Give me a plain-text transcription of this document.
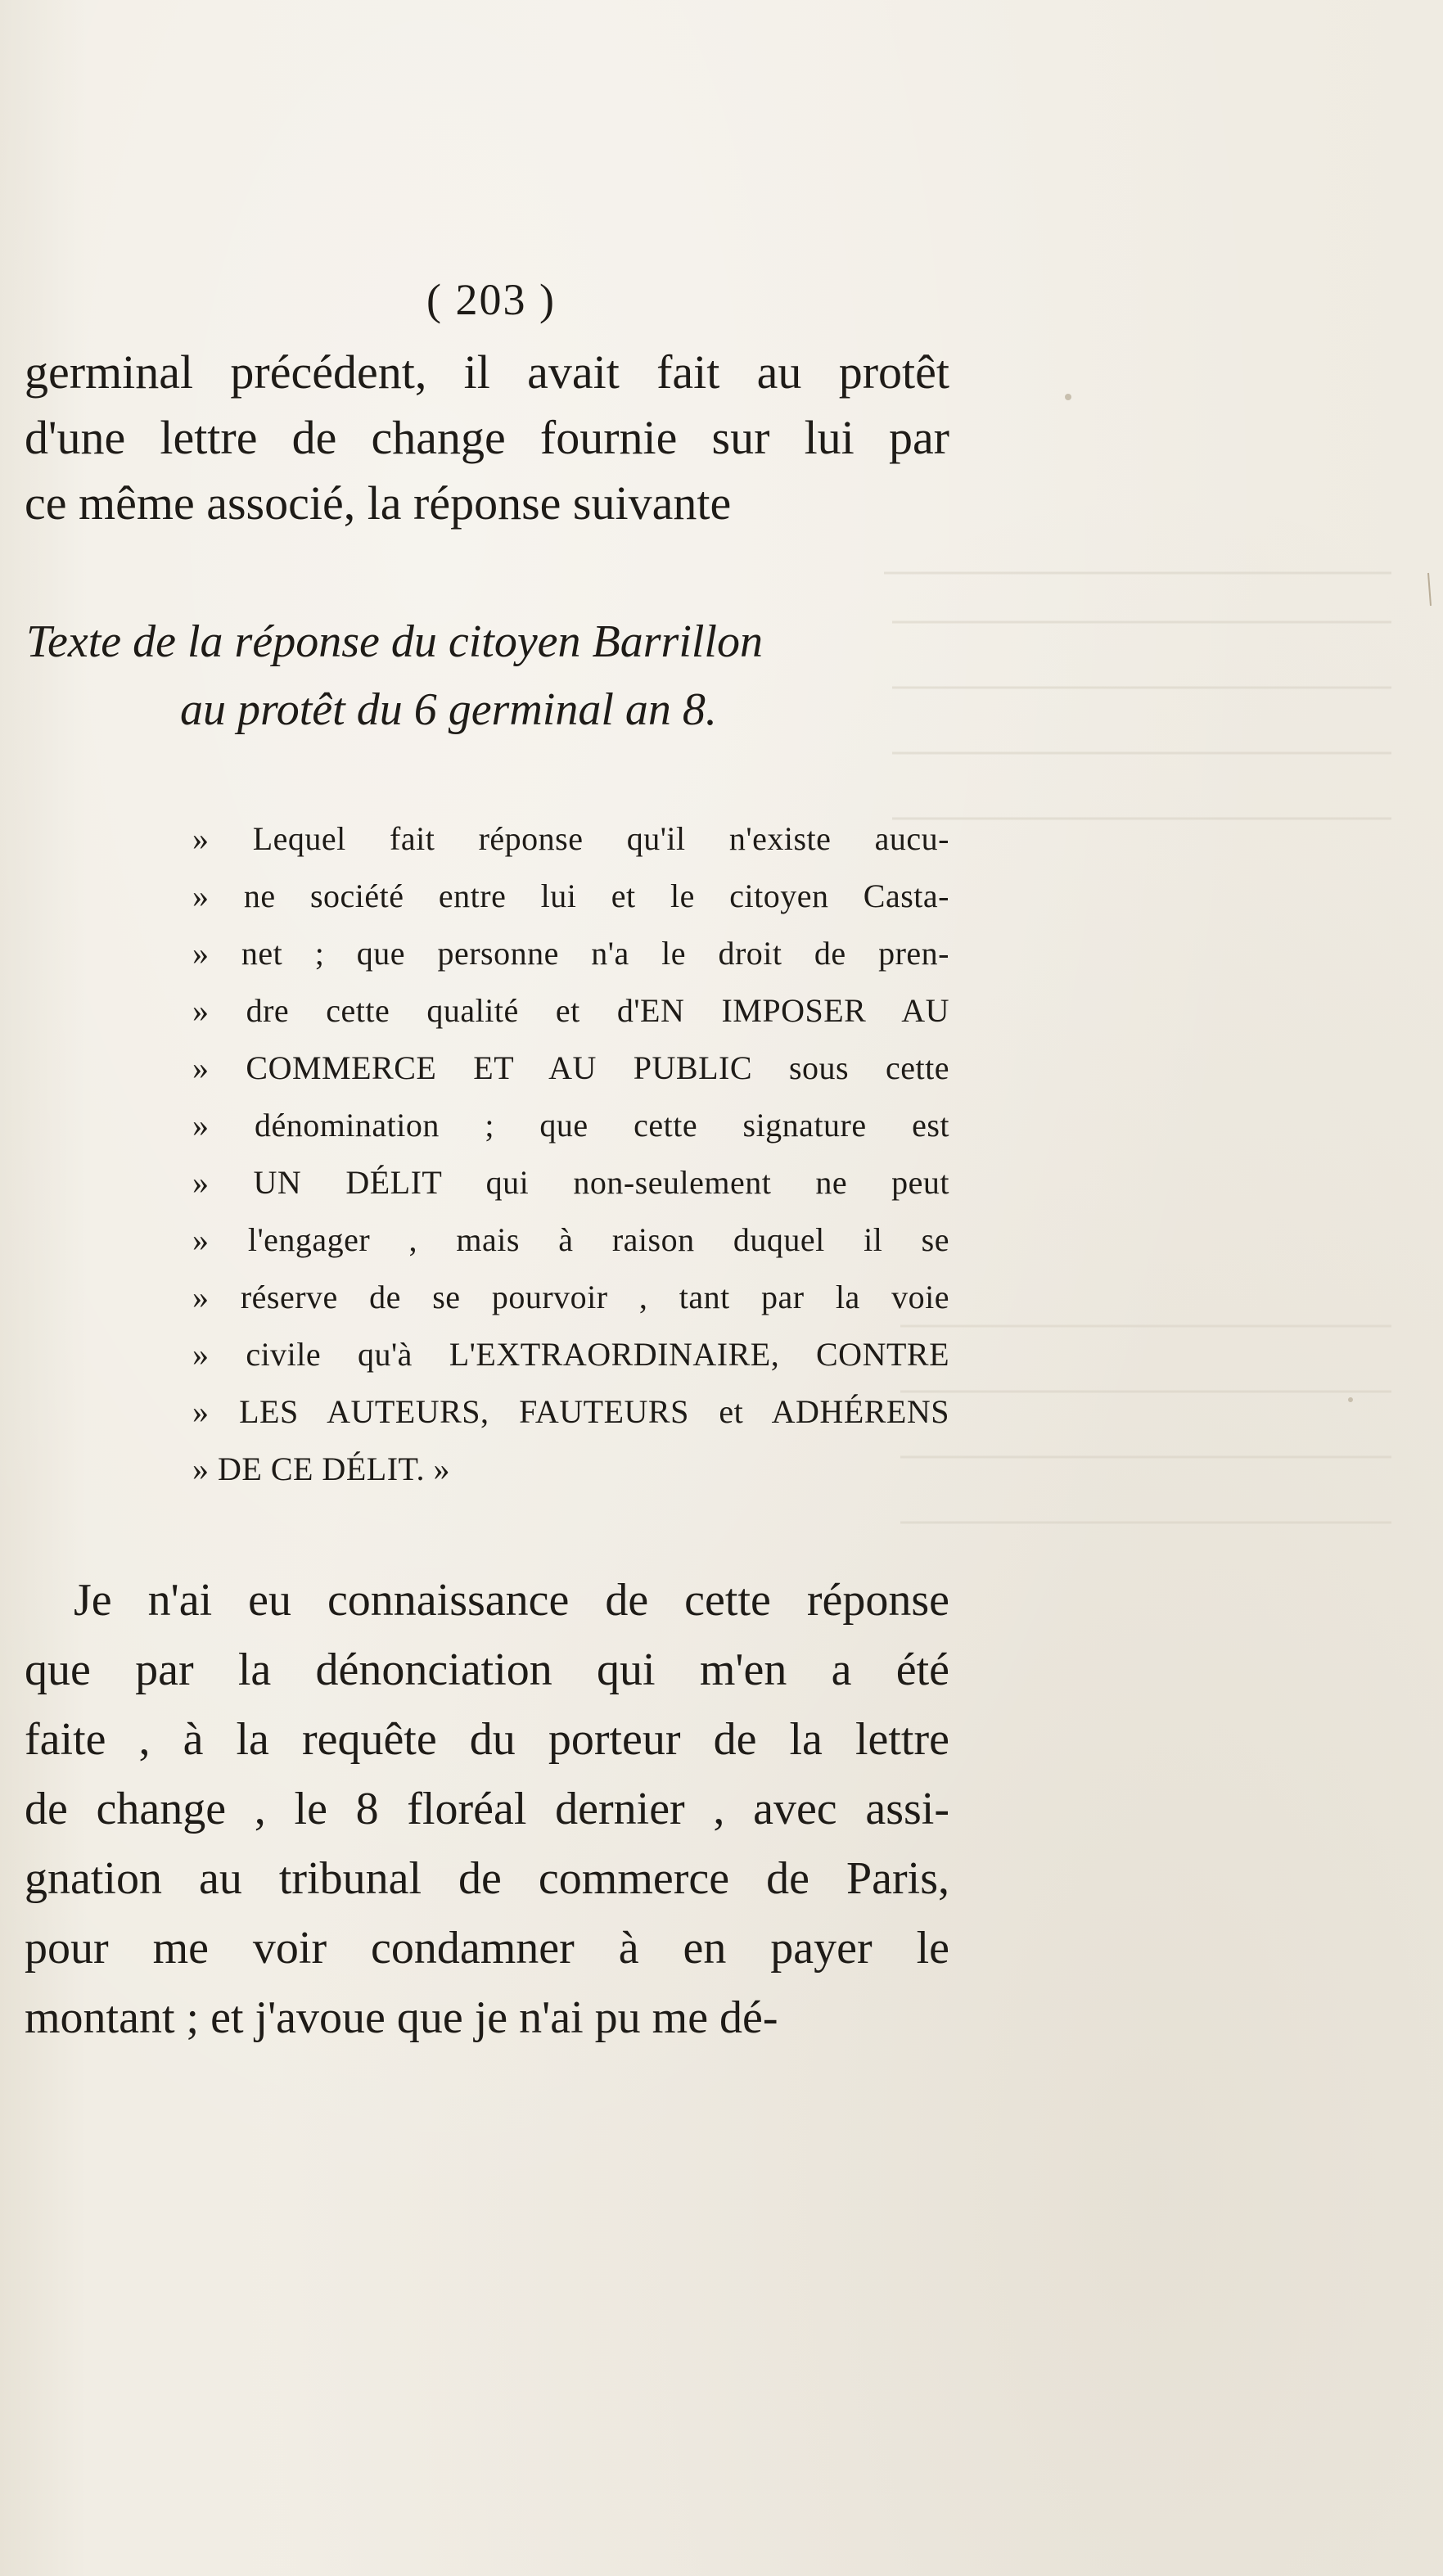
( 203 )
germinal précédent, il avait fait au protêt
d'une lettre de change fournie sur lui par
ce même associé, la réponse suivante
Texte de la réponse du citoyen Barrillon
au protêt du 6 germinal an 8.
» Lequel fait réponse qu'il n'existe aucu-
» ne société entre lui et le citoyen Casta-
» net ; que personne n'a le droit de pren-
» dre cette qualité et d'EN IMPOSER AU
» COMMERCE ET AU PUBLIC sous cette
» dénomination ; que cette signature est
» UN DÉLIT qui non-seulement ne peut
» l'engager , mais à raison duquel il se
» réserve de se pourvoir , tant par la voie
» civile qu'à L'EXTRAORDINAIRE, CONTRE
» LES AUTEURS, FAUTEURS et ADHÉRENS
» DE CE DÉLIT. »
Je n'ai eu connaissance de cette réponse
que par la dénonciation qui m'en a été
faite , à la requête du porteur de la lettre
de change , le 8 floréal dernier , avec assi-
gnation au tribunal de commerce de Paris,
pour me voir condamner à en payer le
montant ; et j'avoue que je n'ai pu me dé-
